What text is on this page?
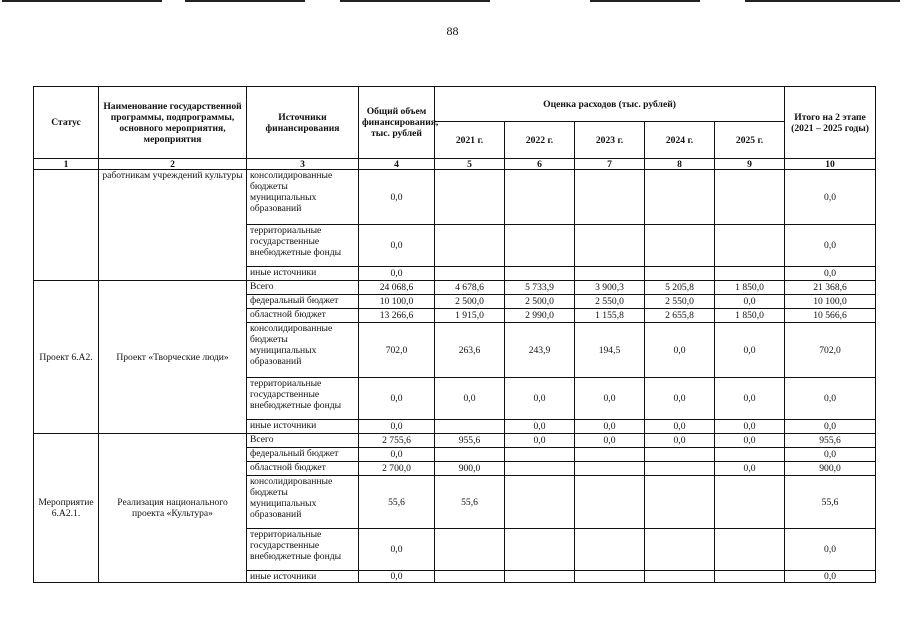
88
Статус	Наименование государственной программы, подпрограммы, основного мероприятия, мероприятия	Источники финансирования	Общий объем финансирования, тыс. рублей	Оценка расходов (тыс. рублей)					Итого на 2 этапе (2021 – 2025 годы)
				2021 г.	2022 г.	2023 г.	2024 г.	2025 г.	
1	2	3	4	5	6	7	8	9	10
	работникам учреждений культуры	консолидированные бюджеты муниципальных образований	0,0						0,0
		территориальные государственные внебюджетные фонды	0,0						0,0
		иные источники	0,0						0,0
Проект 6.А2.	Проект «Творческие люди»	Всего	24 068,6	4 678,6	5 733,9	3 900,3	5 205,8	1 850,0	21 368,6
		федеральный бюджет	10 100,0	2 500,0	2 500,0	2 550,0	2 550,0	0,0	10 100,0
		областной бюджет	13 266,6	1 915,0	2 990,0	1 155,8	2 655,8	1 850,0	10 566,6
		консолидированные бюджеты муниципальных образований	702,0	263,6	243,9	194,5	0,0	0,0	702,0
		территориальные государственные внебюджетные фонды	0,0	0,0	0,0	0,0	0,0	0,0	0,0
		иные источники	0,0		0,0	0,0	0,0	0,0	0,0
Мероприятие 6.А2.1.	Реализация национального проекта «Культура»	Всего	2 755,6	955,6	0,0	0,0	0,0	0,0	955,6
		федеральный бюджет	0,0						0,0
		областной бюджет	2 700,0	900,0				0,0	900,0
		консолидированные бюджеты муниципальных образований	55,6	55,6					55,6
		территориальные государственные внебюджетные фонды	0,0						0,0
		иные источники	0,0						0,0
